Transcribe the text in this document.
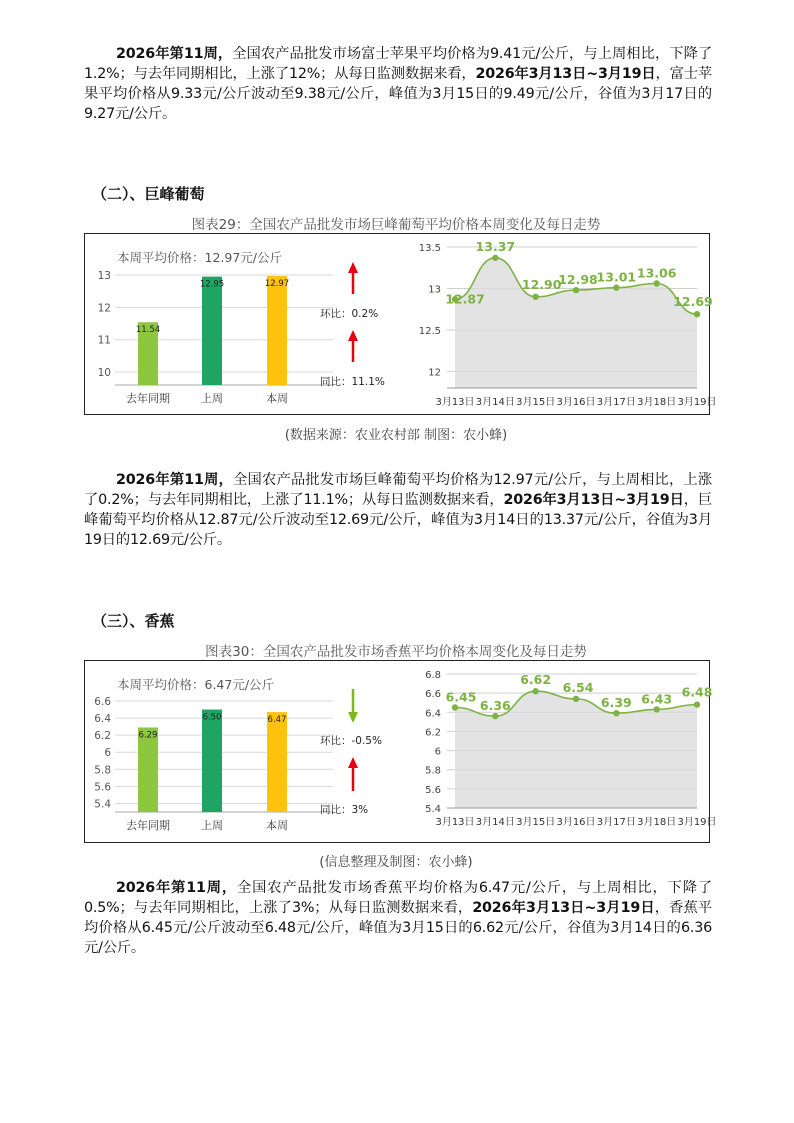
2026年第11周，全国农产品批发市场富士苹果平均价格为9.41元/公斤，与上周相比，下降了1.2%；与去年同期相比，上涨了12%；从每日监测数据来看，2026年3月13日~3月19日，富士苹果平均价格从9.33元/公斤波动至9.38元/公斤，峰值为3月15日的9.49元/公斤，谷值为3月17日的9.27元/公斤。
（二）、巨峰葡萄
图表29：全国农产品批发市场巨峰葡萄平均价格本周变化及每日走势
本周平均价格：12.97元/公斤
10
11
12
13
11.54
去年同期
12.95
上周
12.97
本周
环比：0.2%
同比：11.1%
12
12.5
13
13.5
12.87
3月13日
13.37
3月14日
12.90
3月15日
12.98
3月16日
13.01
3月17日
13.06
3月18日
12.69
3月19日
(数据来源：农业农村部 制图：农小蜂)
2026年第11周，全国农产品批发市场巨峰葡萄平均价格为12.97元/公斤，与上周相比，上涨了0.2%；与去年同期相比，上涨了11.1%；从每日监测数据来看，2026年3月13日~3月19日，巨峰葡萄平均价格从12.87元/公斤波动至12.69元/公斤，峰值为3月14日的13.37元/公斤，谷值为3月19日的12.69元/公斤。
（三）、香蕉
图表30：全国农产品批发市场香蕉平均价格本周变化及每日走势
本周平均价格：6.47元/公斤
5.4
5.6
5.8
6
6.2
6.4
6.6
6.29
去年同期
6.50
上周
6.47
本周
环比：-0.5%
同比：3%	5.4
5.6
5.8
6
6.2
6.4
6.6
6.8
6.45
3月13日
6.36
3月14日
6.62
3月15日
6.54
3月16日
6.39
3月17日
6.43
3月18日
6.48
3月19日
(信息整理及制图：农小蜂)
2026年第11周，全国农产品批发市场香蕉平均价格为6.47元/公斤，与上周相比，下降了0.5%；与去年同期相比，上涨了3%；从每日监测数据来看，2026年3月13日~3月19日，香蕉平均价格从6.45元/公斤波动至6.48元/公斤，峰值为3月15日的6.62元/公斤，谷值为3月14日的6.36元/公斤。
